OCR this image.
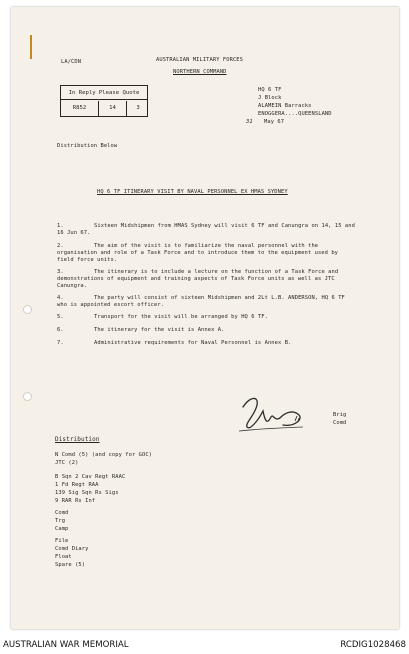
LA/CDN	AUSTRALIAN MILITARY FORCES
NORTHERN COMMAND
In Reply Please Quote
R852	14	3
HQ 6 TF
J Block
ALAMEIN Barracks
ENOGGERA....QUEENSLAND
31 May 67
Distribution Below
HQ 6 TF ITINERARY VISIT BY NAVAL PERSONNEL EX HMAS SYDNEY
1.	Sixteen Midshipmen from HMAS Sydney will visit 6 TF and Canungra on 14, 15 and 16 Jun 67.
2.	The aim of the visit is to familiarize the naval personnel with the organisation and role of a Task Force and to introduce them to the equipment used by field force units.
3.	The itinerary is to include a lecture on the function of a Task Force and demonstrations of equipment and training aspects of Task Force units as well as JTC Canungra.
4.	The party will consist of sixteen Midshipmen and 2Lt L.B. ANDERSON, HQ 6 TF who is appointed escort officer.
5.	Transport for the visit will be arranged by HQ 6 TF.
6.	The itinerary for the visit is Annex A.
7.	Administrative requirements for Naval Personnel is Annex B.
Brig
Comd
Distribution
N Comd (5) (and copy for GOC)
JTC (2)
B Sqn 2 Cav Regt RAAC
1 Fd Regt RAA
139 Sig Sqn Rs Sigs
9 RAR Rs Inf
Comd
Trg
Camp
File
Comd Diary
Float
Spare (5)
AUSTRALIAN WAR MEMORIAL	RCDIG1028468
